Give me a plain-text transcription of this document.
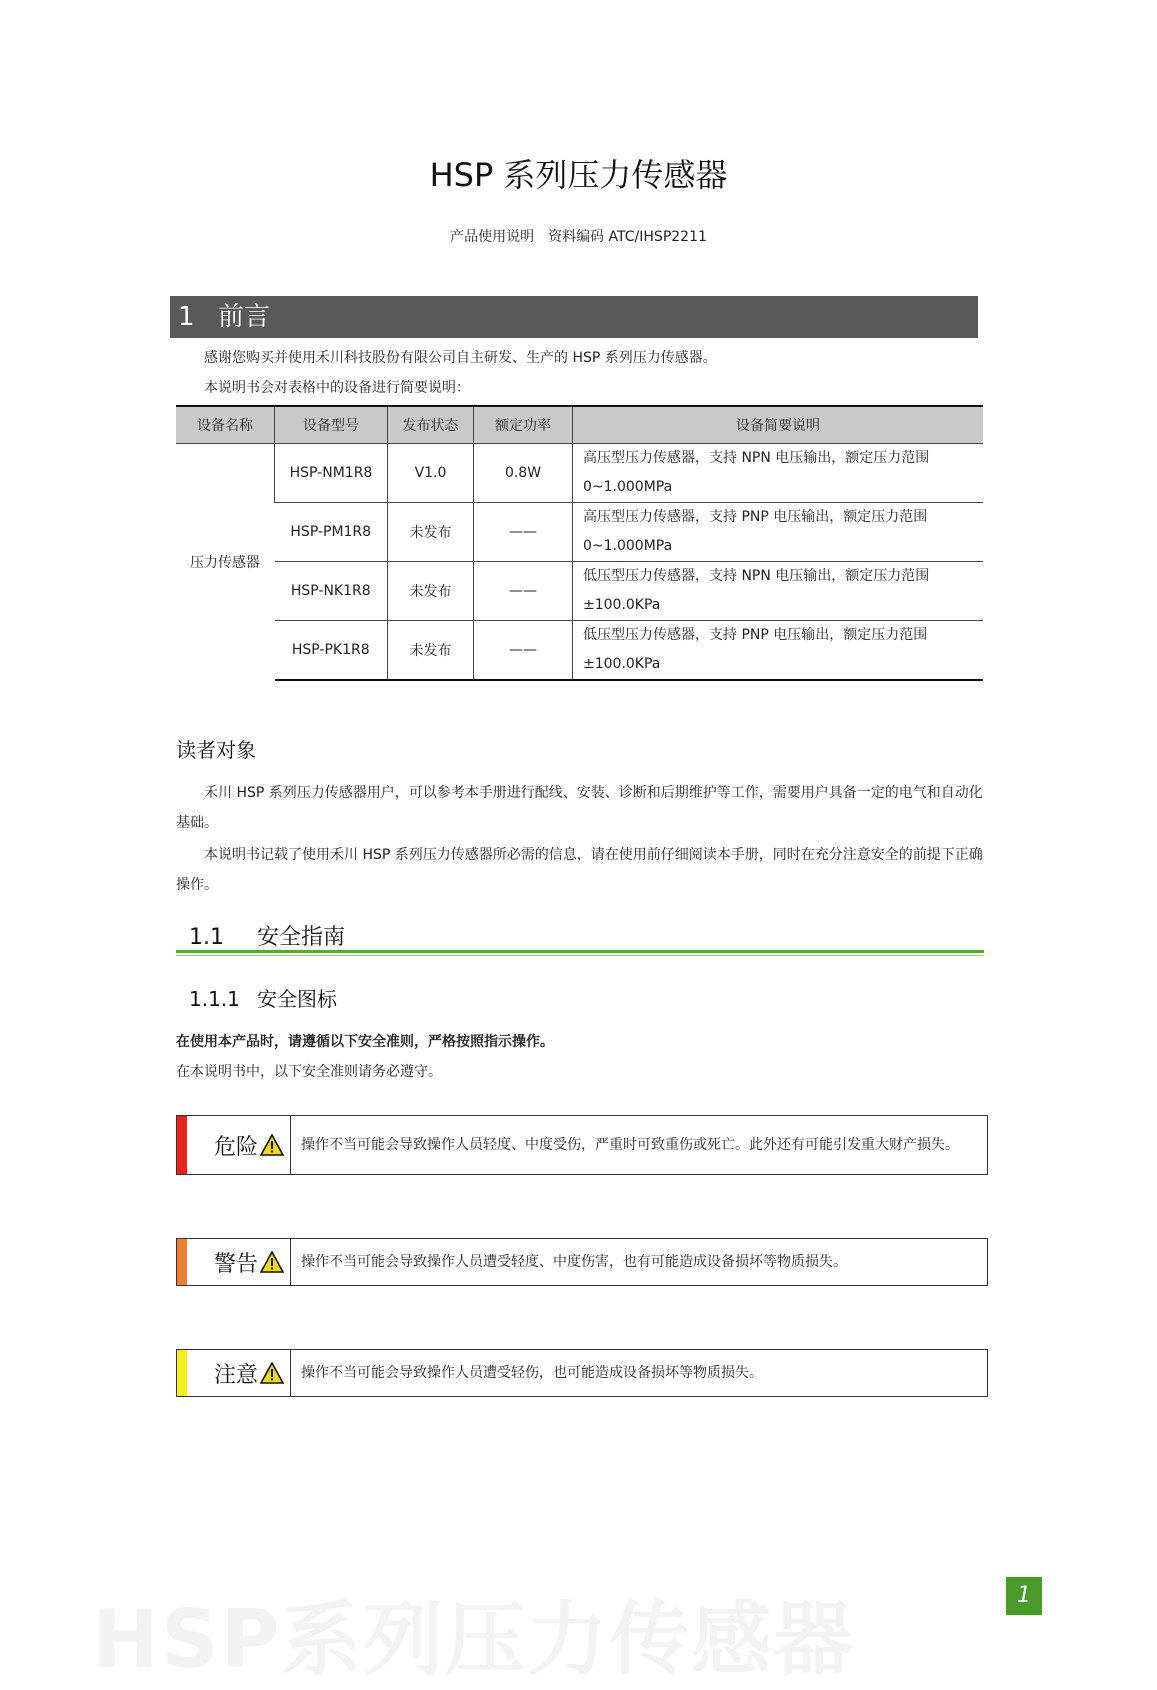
HSP 系列压力传感器
产品使用说明 资料编码 ATC/IHSP2211
1 前言
感谢您购买并使用禾川科技股份有限公司自主研发、生产的 HSP 系列压力传感器。
本说明书会对表格中的设备进行简要说明：
设备名称	设备型号	发布状态	额定功率	设备简要说明
压力传感器	HSP-NM1R8	V1.0	0.8W	高压型压力传感器，支持 NPN 电压输出，额定压力范围 0~1.000MPa
	HSP-PM1R8	未发布	——	高压型压力传感器，支持 PNP 电压输出，额定压力范围 0~1.000MPa
	HSP-NK1R8	未发布	——	低压型压力传感器，支持 NPN 电压输出，额定压力范围 ±100.0KPa
	HSP-PK1R8	未发布	——	低压型压力传感器，支持 PNP 电压输出，额定压力范围 ±100.0KPa
读者对象
禾川 HSP 系列压力传感器用户，可以参考本手册进行配线、安装、诊断和后期维护等工作，需要用户具备一定的电气和自动化基础。
本说明书记载了使用禾川 HSP 系列压力传感器所必需的信息，请在使用前仔细阅读本手册，同时在充分注意安全的前提下正确操作。
1.1 安全指南
1.1.1 安全图标
在使用本产品时，请遵循以下安全准则，严格按照指示操作。
在本说明书中，以下安全准则请务必遵守。
危险	操作不当可能会导致操作人员轻度、中度受伤，严重时可致重伤或死亡。此外还有可能引发重大财产损失。
警告	操作不当可能会导致操作人员遭受轻度、中度伤害，也有可能造成设备损坏等物质损失。
注意	操作不当可能会导致操作人员遭受轻伤，也可能造成设备损坏等物质损失。
HSP系列压力传感器	1
